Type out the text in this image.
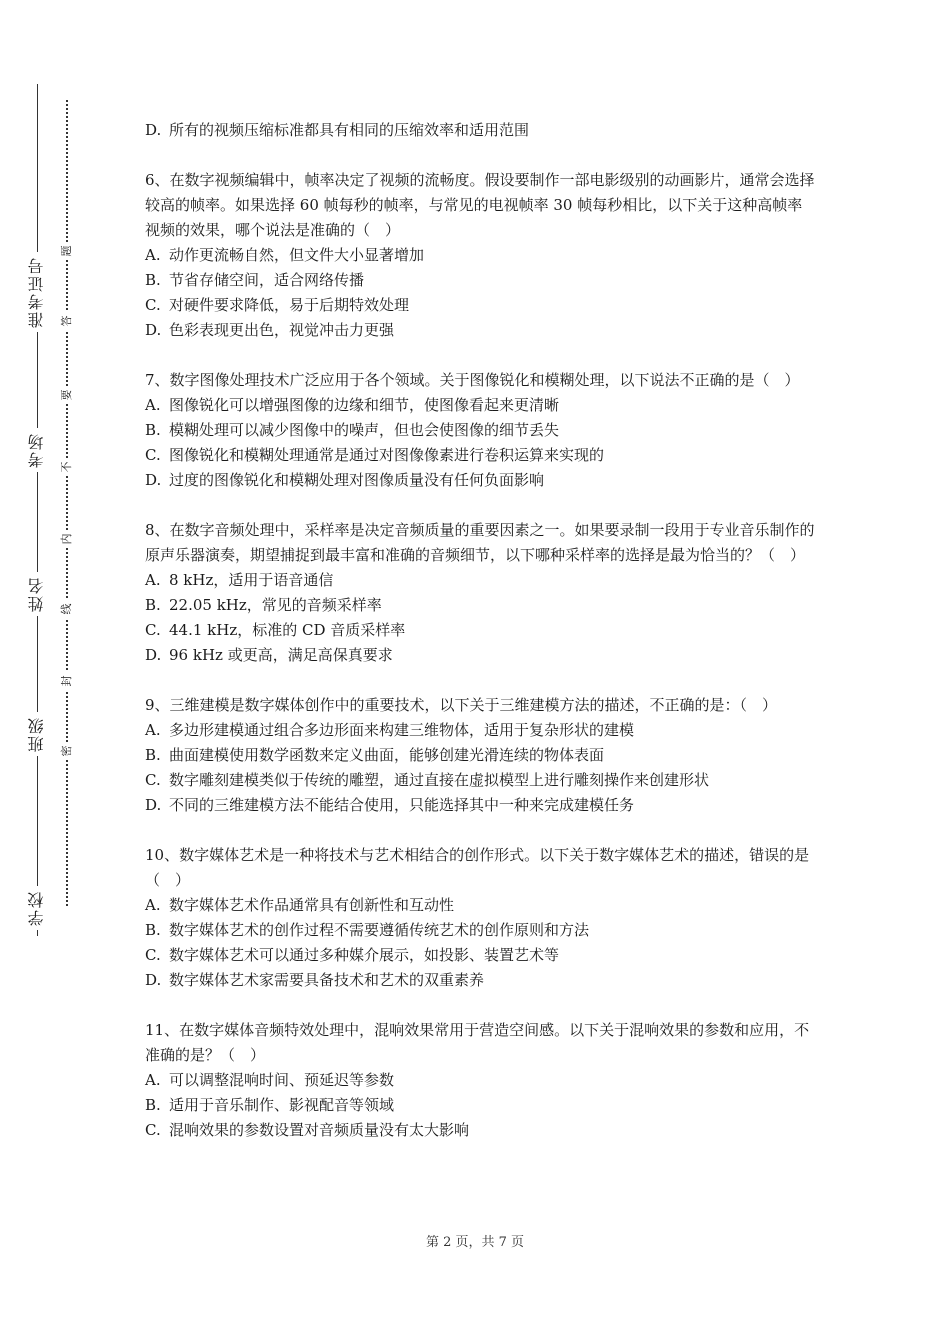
准考证号
考场
姓名
班级
学校
题
答
要
不
内
线
封
密

D. 所有的视频压缩标准都具有相同的压缩效率和适用范围

6、在数字视频编辑中，帧率决定了视频的流畅度。假设要制作一部电影级别的动画影片，通常会选择较高的帧率。如果选择 60 帧每秒的帧率，与常见的电视帧率 30 帧每秒相比，以下关于这种高帧率视频的效果，哪个说法是准确的（　）

A. 动作更流畅自然，但文件大小显著增加

B. 节省存储空间，适合网络传播

C. 对硬件要求降低，易于后期特效处理

D. 色彩表现更出色，视觉冲击力更强

7、数字图像处理技术广泛应用于各个领域。关于图像锐化和模糊处理，以下说法不正确的是（　）

A. 图像锐化可以增强图像的边缘和细节，使图像看起来更清晰

B. 模糊处理可以减少图像中的噪声，但也会使图像的细节丢失

C. 图像锐化和模糊处理通常是通过对图像像素进行卷积运算来实现的

D. 过度的图像锐化和模糊处理对图像质量没有任何负面影响

8、在数字音频处理中，采样率是决定音频质量的重要因素之一。如果要录制一段用于专业音乐制作的原声乐器演奏，期望捕捉到最丰富和准确的音频细节，以下哪种采样率的选择是最为恰当的？（　）

A. 8 kHz，适用于语音通信

B. 22.05 kHz，常见的音频采样率

C. 44.1 kHz，标准的 CD 音质采样率

D. 96 kHz 或更高，满足高保真要求

9、三维建模是数字媒体创作中的重要技术，以下关于三维建模方法的描述，不正确的是：（　）

A. 多边形建模通过组合多边形面来构建三维物体，适用于复杂形状的建模

B. 曲面建模使用数学函数来定义曲面，能够创建光滑连续的物体表面

C. 数字雕刻建模类似于传统的雕塑，通过直接在虚拟模型上进行雕刻操作来创建形状

D. 不同的三维建模方法不能结合使用，只能选择其中一种来完成建模任务

10、数字媒体艺术是一种将技术与艺术相结合的创作形式。以下关于数字媒体艺术的描述，错误的是（　）

A. 数字媒体艺术作品通常具有创新性和互动性

B. 数字媒体艺术的创作过程不需要遵循传统艺术的创作原则和方法

C. 数字媒体艺术可以通过多种媒介展示，如投影、装置艺术等

D. 数字媒体艺术家需要具备技术和艺术的双重素养

11、在数字媒体音频特效处理中，混响效果常用于营造空间感。以下关于混响效果的参数和应用，不准确的是？（　）

A. 可以调整混响时间、预延迟等参数

B. 适用于音乐制作、影视配音等领域

C. 混响效果的参数设置对音频质量没有太大影响

第 2 页，共 7 页
